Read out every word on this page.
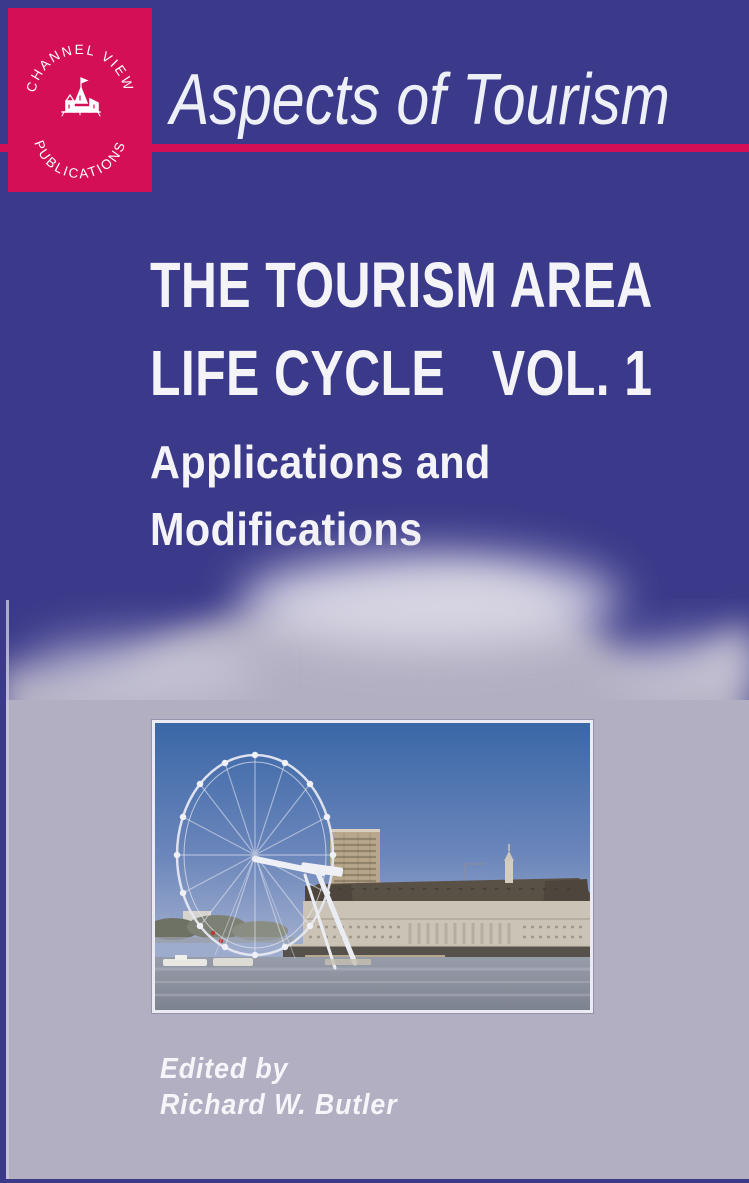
Aspects of Tourism
CHANNEL VIEW
PUBLICATIONS
THE TOURISM AREA
LIFE CYCLE VOL. 1
Applications and
Modifications
Edited by
Richard W. Butler
